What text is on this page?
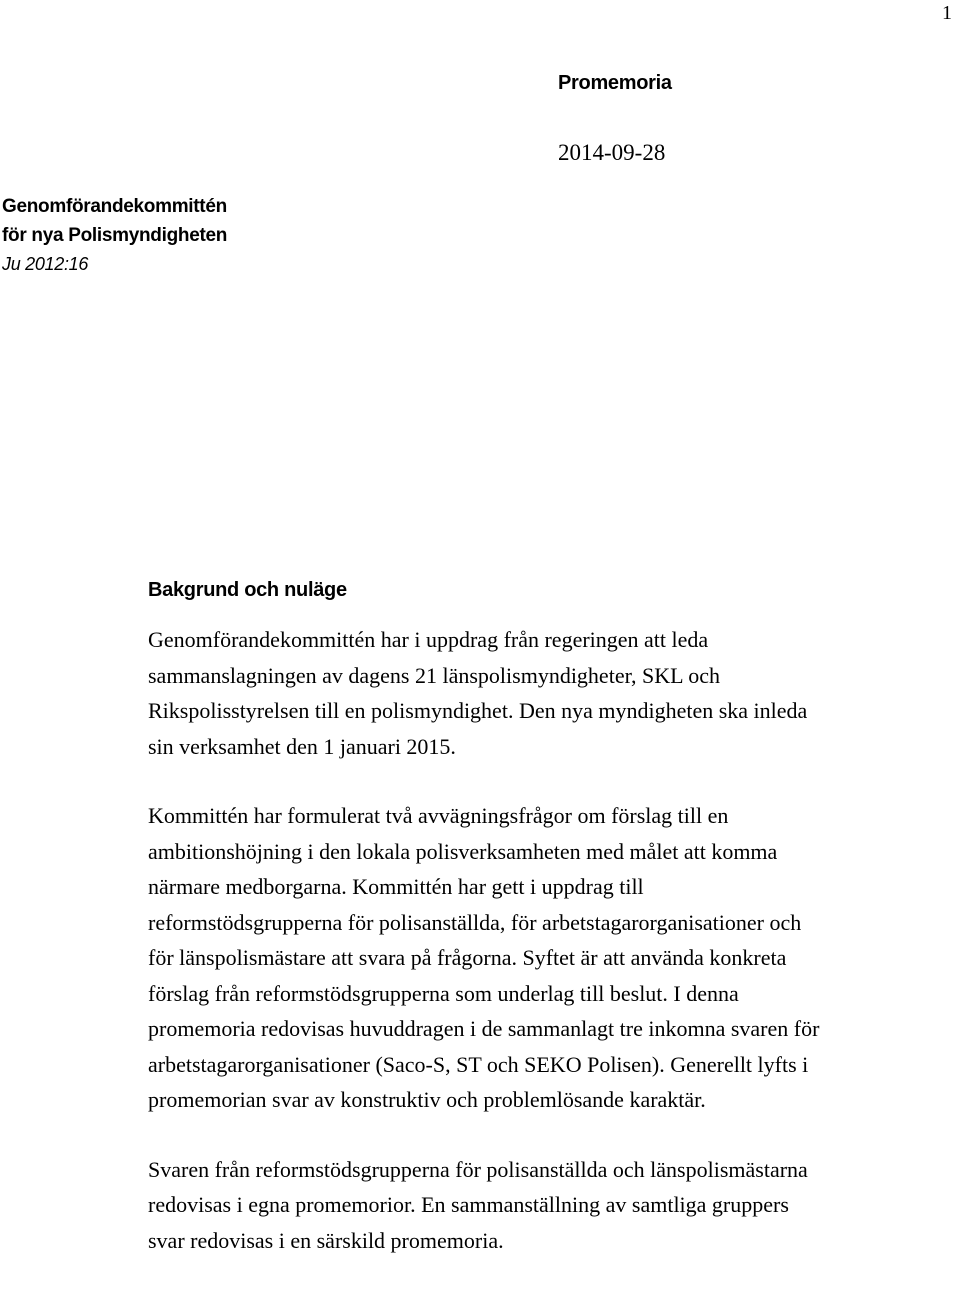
1
Promemoria
2014-09-28
Genomförandekommittén
för nya Polismyndigheten
Ju 2012:16
Bakgrund och nuläge

Genomförandekommittén har i uppdrag från regeringen att leda
sammanslagningen av dagens 21 länspolismyndigheter, SKL och
Rikspolisstyrelsen till en polismyndighet. Den nya myndigheten ska inleda
sin verksamhet den 1 januari 2015.

Kommittén har formulerat två avvägningsfrågor om förslag till en
ambitionshöjning i den lokala polisverksamheten med målet att komma
närmare medborgarna. Kommittén har gett i uppdrag till
reformstödsgrupperna för polisanställda, för arbetstagarorganisationer och
för länspolismästare att svara på frågorna. Syftet är att använda konkreta
förslag från reformstödsgrupperna som underlag till beslut. I denna
promemoria redovisas huvuddragen i de sammanlagt tre inkomna svaren för
arbetstagarorganisationer (Saco-S, ST och SEKO Polisen). Generellt lyfts i
promemorian svar av konstruktiv och problemlösande karaktär.

Svaren från reformstödsgrupperna för polisanställda och länspolismästarna
redovisas i egna promemorior. En sammanställning av samtliga gruppers
svar redovisas i en särskild promemoria.
